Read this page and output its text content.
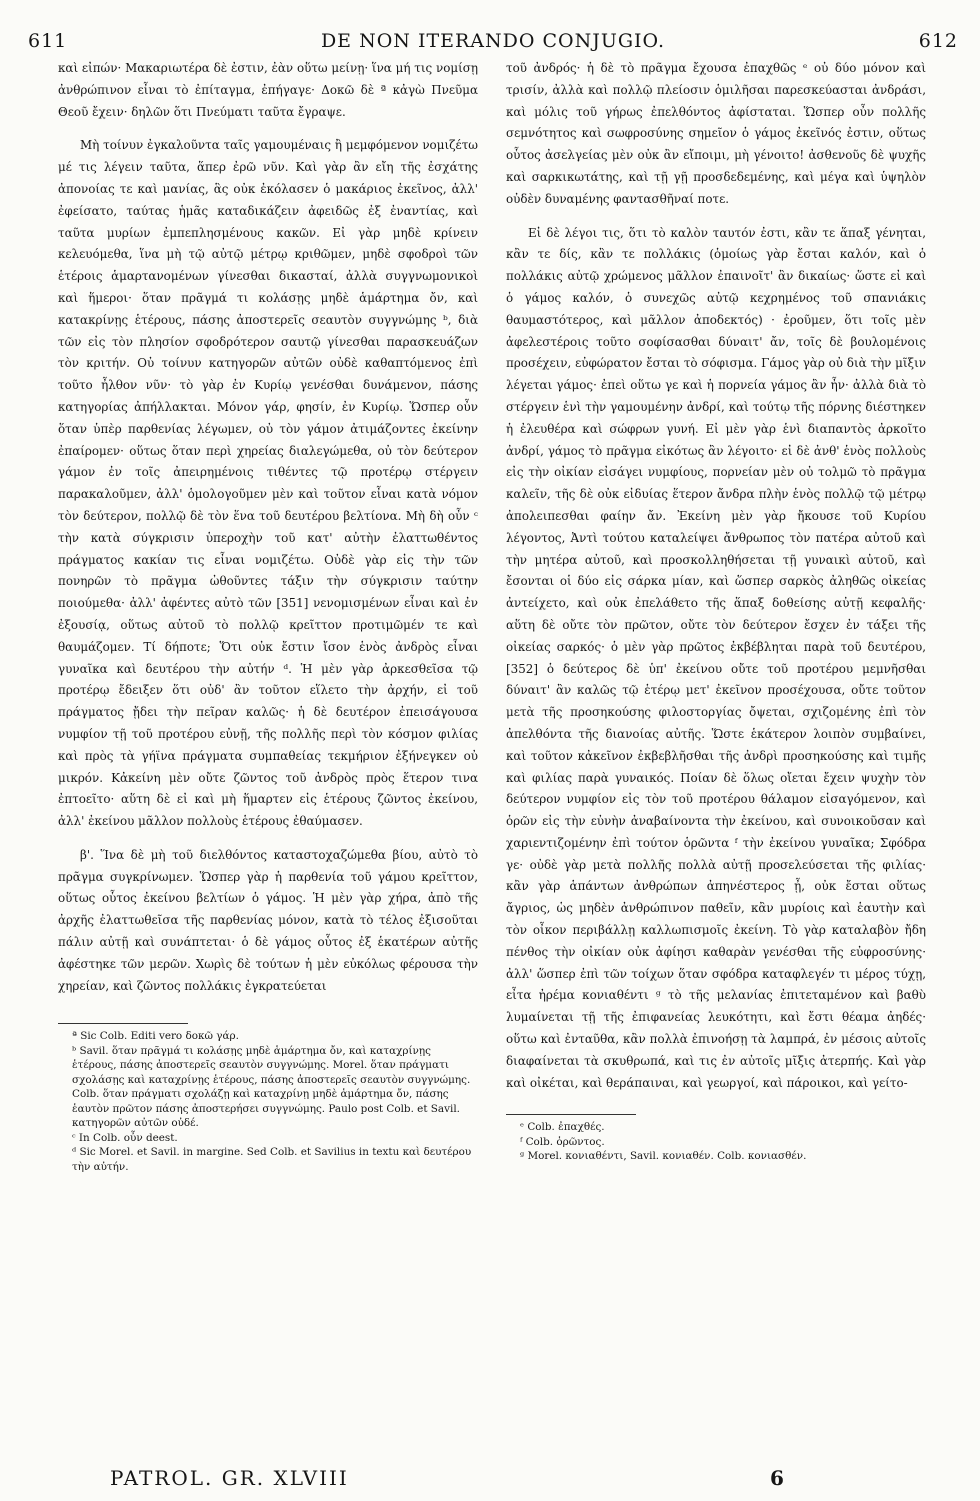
611	DE NON ITERANDO CONJUGIO.	612

καὶ εἰπών· Μακαριωτέρα δὲ ἐστιν, ἐὰν οὕτω μείνῃ· ἵνα μή τις νομίσῃ ἀνθρώπινον εἶναι τὸ ἐπίταγμα, ἐπήγαγε· Δοκῶ δὲ ª κἀγὼ Πνεῦμα Θεοῦ ἔχειν· δηλῶν ὅτι Πνεύματι ταῦτα ἔγραψε.

Μὴ τοίνυν ἐγκαλοῦντα ταῖς γαμουμέναις ἢ μεμφόμενον νομιζέτω μέ τις λέγειν ταῦτα, ἅπερ ἐρῶ νῦν. Καὶ γὰρ ἂν εἴη τῆς ἐσχάτης ἀπονοίας τε καὶ μανίας, ἃς οὐκ ἐκόλασεν ὁ μακάριος ἐκεῖνος, ἀλλ' ἐφείσατο, ταύτας ἡμᾶς καταδικάζειν ἀφειδῶς ἐξ ἐναντίας, καὶ ταῦτα μυρίων ἐμπεπλησμένους κακῶν. Εἰ γὰρ μηδὲ κρίνειν κελευόμεθα, ἵνα μὴ τῷ αὐτῷ μέτρῳ κριθῶμεν, μηδὲ σφοδροὶ τῶν ἑτέροις ἁμαρτανομένων γίνεσθαι δικασταί, ἀλλὰ συγγνωμονικοὶ καὶ ἥμεροι· ὅταν πρᾶγμά τι κολάσῃς μηδὲ ἁμάρτημα ὄν, καὶ κατακρίνῃς ἑτέρους, πάσης ἀποστερεῖς σεαυτὸν συγγνώμης ᵇ, διὰ τῶν εἰς τὸν πλησίον σφοδρότερον σαυτῷ γίνεσθαι παρασκευάζων τὸν κριτήν. Οὐ τοίνυν κατηγορῶν αὐτῶν οὐδὲ καθαπτόμενος ἐπὶ τοῦτο ἦλθον νῦν· τὸ γὰρ ἐν Κυρίῳ γενέσθαι δυνάμενον, πάσης κατηγορίας ἀπήλλακται. Μόνον γάρ, φησίν, ἐν Κυρίῳ. Ὥσπερ οὖν ὅταν ὑπὲρ παρθενίας λέγωμεν, οὐ τὸν γάμον ἀτιμάζοντες ἐκείνην ἐπαίρομεν· οὕτως ὅταν περὶ χηρείας διαλεγώμεθα, οὐ τὸν δεύτερον γάμον ἐν τοῖς ἀπειρημένοις τιθέντες τῷ προτέρῳ στέργειν παρακαλοῦμεν, ἀλλ' ὁμολογοῦμεν μὲν καὶ τοῦτον εἶναι κατὰ νόμον τὸν δεύτερον, πολλῷ δὲ τὸν ἕνα τοῦ δευτέρου βελτίονα. Μὴ δὴ οὖν ᶜ τὴν κατὰ σύγκρισιν ὑπεροχὴν τοῦ κατ' αὐτὴν ἐλαττωθέντος πράγματος κακίαν τις εἶναι νομιζέτω. Οὐδὲ γὰρ εἰς τὴν τῶν πονηρῶν τὸ πρᾶγμα ὠθοῦντες τάξιν τὴν σύγκρισιν ταύτην ποιούμεθα· ἀλλ' ἀφέντες αὐτὸ τῶν [351] νενομισμένων εἶναι καὶ ἐν ἐξουσίᾳ, οὕτως αὐτοῦ τὸ πολλῷ κρεῖττον προτιμῶμέν τε καὶ θαυμάζομεν. Τί δήποτε; Ὅτι οὐκ ἔστιν ἴσον ἑνὸς ἀνδρὸς εἶναι γυναῖκα καὶ δευτέρου τὴν αὐτήν ᵈ. Ἡ μὲν γὰρ ἀρκεσθεῖσα τῷ προτέρῳ ἔδειξεν ὅτι οὐδ' ἂν τοῦτον εἵλετο τὴν ἀρχήν, εἰ τοῦ πράγματος ᾔδει τὴν πεῖραν καλῶς· ἡ δὲ δευτέρον ἐπεισάγουσα νυμφίον τῇ τοῦ προτέρου εὐνῇ, τῆς πολλῆς περὶ τὸν κόσμον φιλίας καὶ πρὸς τὰ γήϊνα πράγματα συμπαθείας τεκμήριον ἐξήνεγκεν οὐ μικρόν. Κἀκείνη μὲν οὔτε ζῶντος τοῦ ἀνδρὸς πρὸς ἕτερον τινα ἐπτοεῖτο· αὕτη δὲ εἰ καὶ μὴ ἥμαρτεν εἰς ἑτέρους ζῶντος ἐκείνου, ἀλλ' ἐκείνου μᾶλλον πολλοὺς ἑτέρους ἐθαύμασεν.

β'. Ἵνα δὲ μὴ τοῦ διελθόντος καταστοχαζώμεθα βίου, αὐτὸ τὸ πρᾶγμα συγκρίνωμεν. Ὥσπερ γὰρ ἡ παρθενία τοῦ γάμου κρεῖττον, οὕτως οὗτος ἐκείνου βελτίων ὁ γάμος. Ἡ μὲν γὰρ χήρα, ἀπὸ τῆς ἀρχῆς ἐλαττωθεῖσα τῆς παρθενίας μόνον, κατὰ τὸ τέλος ἐξισοῦται πάλιν αὐτῇ καὶ συνάπτεται· ὁ δὲ γάμος οὗτος ἐξ ἑκατέρων αὐτῆς ἀφέστηκε τῶν μερῶν. Χωρὶς δὲ τούτων ἡ μὲν εὐκόλως φέρουσα τὴν χηρείαν, καὶ ζῶντος πολλάκις ἐγκρατεύεται

ª Sic Colb. Editi vero δοκῶ γάρ.

ᵇ Savil. ὅταν πρᾶγμά τι κολάσῃς μηδὲ ἁμάρτημα ὄν, καὶ καταχρίνῃς ἑτέρους, πάσης ἀποστερεῖς σεαυτὸν συγγνώμης. Morel. ὅταν πράγματι σχολάσῃς καὶ καταχρίνῃς ἑτέρους, πάσης ἀποστερεῖς σεαυτὸν συγγνώμης. Colb. ὅταν πράγματι σχολάζῃ καὶ καταχρίνῃ μηδὲ ἁμάρτημα ὄν, πάσης ἑαυτὸν πρῶτον πάσης ἀποστερήσει συγγνώμης. Paulo post Colb. et Savil. κατηγορῶν αὐτῶν οὐδέ.

ᶜ In Colb. οὖν deest.

ᵈ Sic Morel. et Savil. in margine. Sed Colb. et Savilius in textu καὶ δευτέρου τὴν αὐτήν.

τοῦ ἀνδρός· ἡ δὲ τὸ πρᾶγμα ἔχουσα ἐπαχθῶς ᵉ οὐ δύο μόνον καὶ τρισίν, ἀλλὰ καὶ πολλῷ πλείοσιν ὁμιλῆσαι παρεσκεύασται ἀνδράσι, καὶ μόλις τοῦ γήρως ἐπελθόντος ἀφίσταται. Ὥσπερ οὖν πολλῆς σεμνότητος καὶ σωφροσύνης σημεῖον ὁ γάμος ἐκεῖνός ἐστιν, οὕτως οὗτος ἀσελγείας μὲν οὐκ ἂν εἴποιμι, μὴ γένοιτο! ἀσθενοῦς δὲ ψυχῆς καὶ σαρκικωτάτης, καὶ τῇ γῇ προσδεδεμένης, καὶ μέγα καὶ ὑψηλὸν οὐδὲν δυναμένης φαντασθῆναί ποτε.

Εἰ δὲ λέγοι τις, ὅτι τὸ καλὸν ταυτόν ἐστι, κἂν τε ἅπαξ γένηται, κἂν τε δίς, κἂν τε πολλάκις (ὁμοίως γὰρ ἔσται καλόν, καὶ ὁ πολλάκις αὐτῷ χρώμενος μᾶλλον ἐπαινοῖτ' ἂν δικαίως· ὥστε εἰ καὶ ὁ γάμος καλόν, ὁ συνεχῶς αὐτῷ κεχρημένος τοῦ σπανιάκις θαυμαστότερος, καὶ μᾶλλον ἀποδεκτός) · ἐροῦμεν, ὅτι τοῖς μὲν ἀφελεστέροις τοῦτο σοφίσασθαι δύναιτ' ἄν, τοῖς δὲ βουλομένοις προσέχειν, εὐφώρατον ἔσται τὸ σόφισμα. Γάμος γὰρ οὐ διὰ τὴν μῖξιν λέγεται γάμος· ἐπεὶ οὕτω γε καὶ ἡ πορνεία γάμος ἂν ἦν· ἀλλὰ διὰ τὸ στέργειν ἑνὶ τὴν γαμουμένην ἀνδρί, καὶ τούτῳ τῆς πόρνης διέστηκεν ἡ ἐλευθέρα καὶ σώφρων γυνή. Εἰ μὲν γὰρ ἑνὶ διαπαντὸς ἀρκοῖτο ἀνδρί, γάμος τὸ πρᾶγμα εἰκότως ἂν λέγοιτο· εἰ δὲ ἀνθ' ἑνὸς πολλοὺς εἰς τὴν οἰκίαν εἰσάγει νυμφίους, πορνείαν μὲν οὐ τολμῶ τὸ πρᾶγμα καλεῖν, τῆς δὲ οὐκ εἰδυίας ἕτερον ἄνδρα πλὴν ἑνὸς πολλῷ τῷ μέτρῳ ἀπολειπεσθαι φαίην ἄν. Ἐκείνη μὲν γὰρ ἤκουσε τοῦ Κυρίου λέγοντος, Ἀντὶ τούτου καταλείψει ἄνθρωπος τὸν πατέρα αὐτοῦ καὶ τὴν μητέρα αὐτοῦ, καὶ προσκολληθήσεται τῇ γυναικὶ αὐτοῦ, καὶ ἔσονται οἱ δύο εἰς σάρκα μίαν, καὶ ὥσπερ σαρκὸς ἀληθῶς οἰκείας ἀντείχετο, καὶ οὐκ ἐπελάθετο τῆς ἅπαξ δοθείσης αὐτῇ κεφαλῆς· αὕτη δὲ οὔτε τὸν πρῶτον, οὔτε τὸν δεύτερον ἔσχεν ἐν τάξει τῆς οἰκείας σαρκός· ὁ μὲν γὰρ πρῶτος ἐκβέβληται παρὰ τοῦ δευτέρου, [352] ὁ δεύτερος δὲ ὑπ' ἐκείνου οὔτε τοῦ προτέρου μεμνῆσθαι δύναιτ' ἂν καλῶς τῷ ἑτέρῳ μετ' ἐκεῖνον προσέχουσα, οὔτε τοῦτον μετὰ τῆς προσηκούσης φιλοστοργίας ὄψεται, σχιζομένης ἐπὶ τὸν ἀπελθόντα τῆς διανοίας αὐτῆς. Ὥστε ἑκάτερον λοιπὸν συμβαίνει, καὶ τοῦτον κἀκεῖνον ἐκβεβλῆσθαι τῆς ἀνδρὶ προσηκούσης καὶ τιμῆς καὶ φιλίας παρὰ γυναικός. Ποίαν δὲ ὅλως οἴεται ἔχειν ψυχὴν τὸν δεύτερον νυμφίον εἰς τὸν τοῦ προτέρου θάλαμον εἰσαγόμενον, καὶ ὁρῶν εἰς τὴν εὐνὴν ἀναβαίνοντα τὴν ἐκείνου, καὶ συνοικοῦσαν καὶ χαριεντιζομένην ἐπὶ τούτον ὁρῶντα ᶠ τὴν ἐκείνου γυναῖκα; Σφόδρα γε· οὐδὲ γὰρ μετὰ πολλῆς πολλὰ αὐτῇ προσελεύσεται τῆς φιλίας· κἂν γὰρ ἁπάντων ἀνθρώπων ἀπηνέστερος ᾖ, οὐκ ἔσται οὕτως ἄγριος, ὡς μηδὲν ἀνθρώπινον παθεῖν, κἂν μυρίοις καὶ ἑαυτὴν καὶ τὸν οἶκον περιβάλλῃ καλλωπισμοῖς ἐκείνη. Τὸ γὰρ καταλαβὸν ἤδη πένθος τὴν οἰκίαν οὐκ ἀφίησι καθαρὰν γενέσθαι τῆς εὐφροσύνης· ἀλλ' ὥσπερ ἐπὶ τῶν τοίχων ὅταν σφόδρα καταφλεγέν τι μέρος τύχῃ, εἶτα ἠρέμα κονιαθέντι ᵍ τὸ τῆς μελανίας ἐπιτεταμένον καὶ βαθὺ λυμαίνεται τῇ τῆς ἐπιφανείας λευκότητι, καὶ ἔστι θέαμα ἀηδές· οὕτω καὶ ἐνταῦθα, κἂν πολλὰ ἐπινοήσῃ τὰ λαμπρά, ἐν μέσοις αὐτοῖς διαφαίνεται τὰ σκυθρωπά, καὶ τις ἐν αὐτοῖς μῖξις ἀτερπής. Καὶ γὰρ καὶ οἰκέται, καὶ θεράπαιναι, καὶ γεωργοί, καὶ πάροικοι, καὶ γείτο-

ᵉ Colb. ἐπαχθές.

ᶠ Colb. ὁρῶντος.

ᵍ Morel. κονιαθέντι, Savil. κονιαθέν. Colb. κονιασθέν.

PATROL. GR. XLVIII	6
